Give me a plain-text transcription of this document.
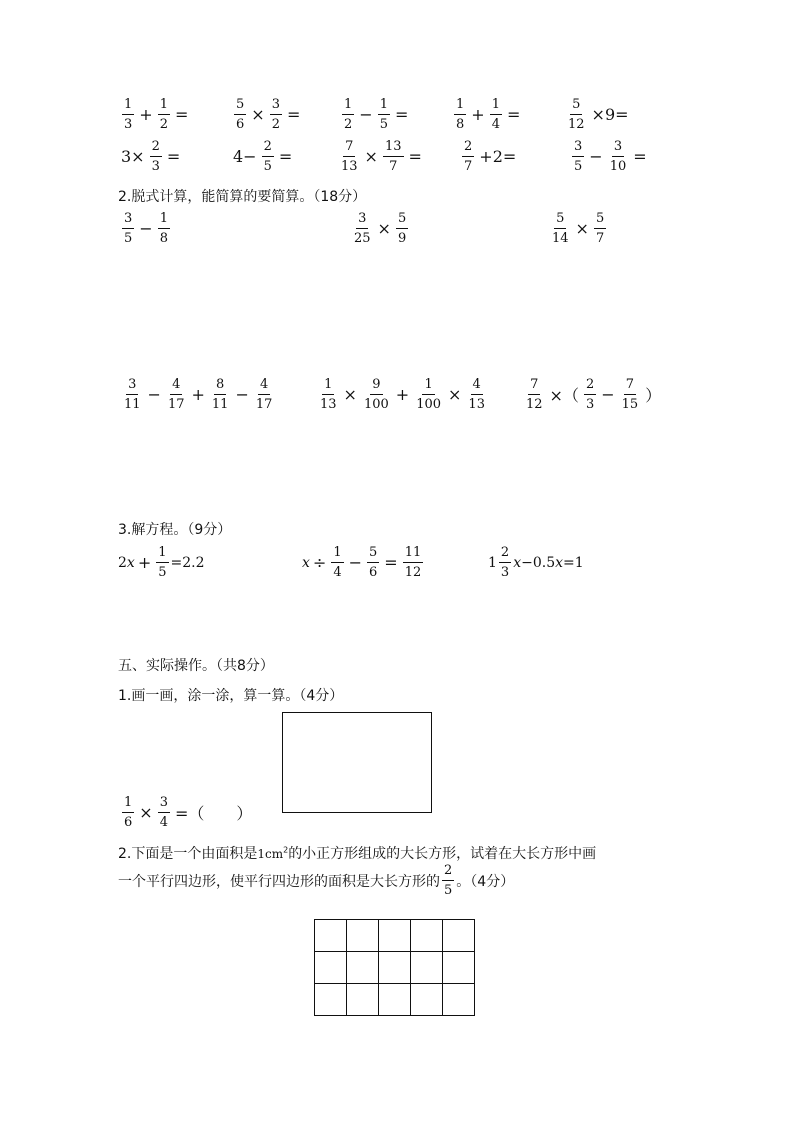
$\frac{1}{3} + \frac{1}{2}$ =	$\frac{5}{6} \times \frac{3}{2}$ =	$\frac{1}{2} - \frac{1}{5}$ =	$\frac{1}{8} + \frac{1}{4}$ =	$\frac{5}{12} \times 9=$
$3\times \frac{2}{3}$ =	$4- \frac{2}{5}$ =	$\frac{7}{13} \times \frac{13}{7}$ =	$\frac{2}{7} +2=$	$\frac{3}{5} - \frac{3}{10}$ =
2.脱式计算，能简算的要简算。（18分）
$\frac{3}{5} - \frac{1}{8}$	$\frac{3}{25} \times \frac{5}{9}$	$\frac{5}{14} \times \frac{5}{7}$
$\frac{3}{11} - \frac{4}{17} + \frac{8}{11} - \frac{4}{17}$	$\frac{1}{13} \times \frac{9}{100} + \frac{1}{100} \times \frac{4}{13}$	$\frac{7}{12}$ ×（ $\frac{2}{3} - \frac{7}{15}$ ）
3.解方程。（9分）
2 $x + \frac{1}{5} =2.2$	$x \div \frac{1}{4} - \frac{5}{6} = \frac{11}{12}$	$1 \frac{2}{3}$ x −0.5 x =1
五、实际操作。（共8分）
1.画一画，涂一涂，算一算。（4分）
$\frac{1}{6} \times \frac{3}{4}$ =（　　）
2.下面是一个由面积是$1cm^2$的小正方形组成的大长方形，试着在大长方形中画
一个平行四边形，使平行四边形的面积是大长方形的 $\frac{2}{5}$ 。（4分）
